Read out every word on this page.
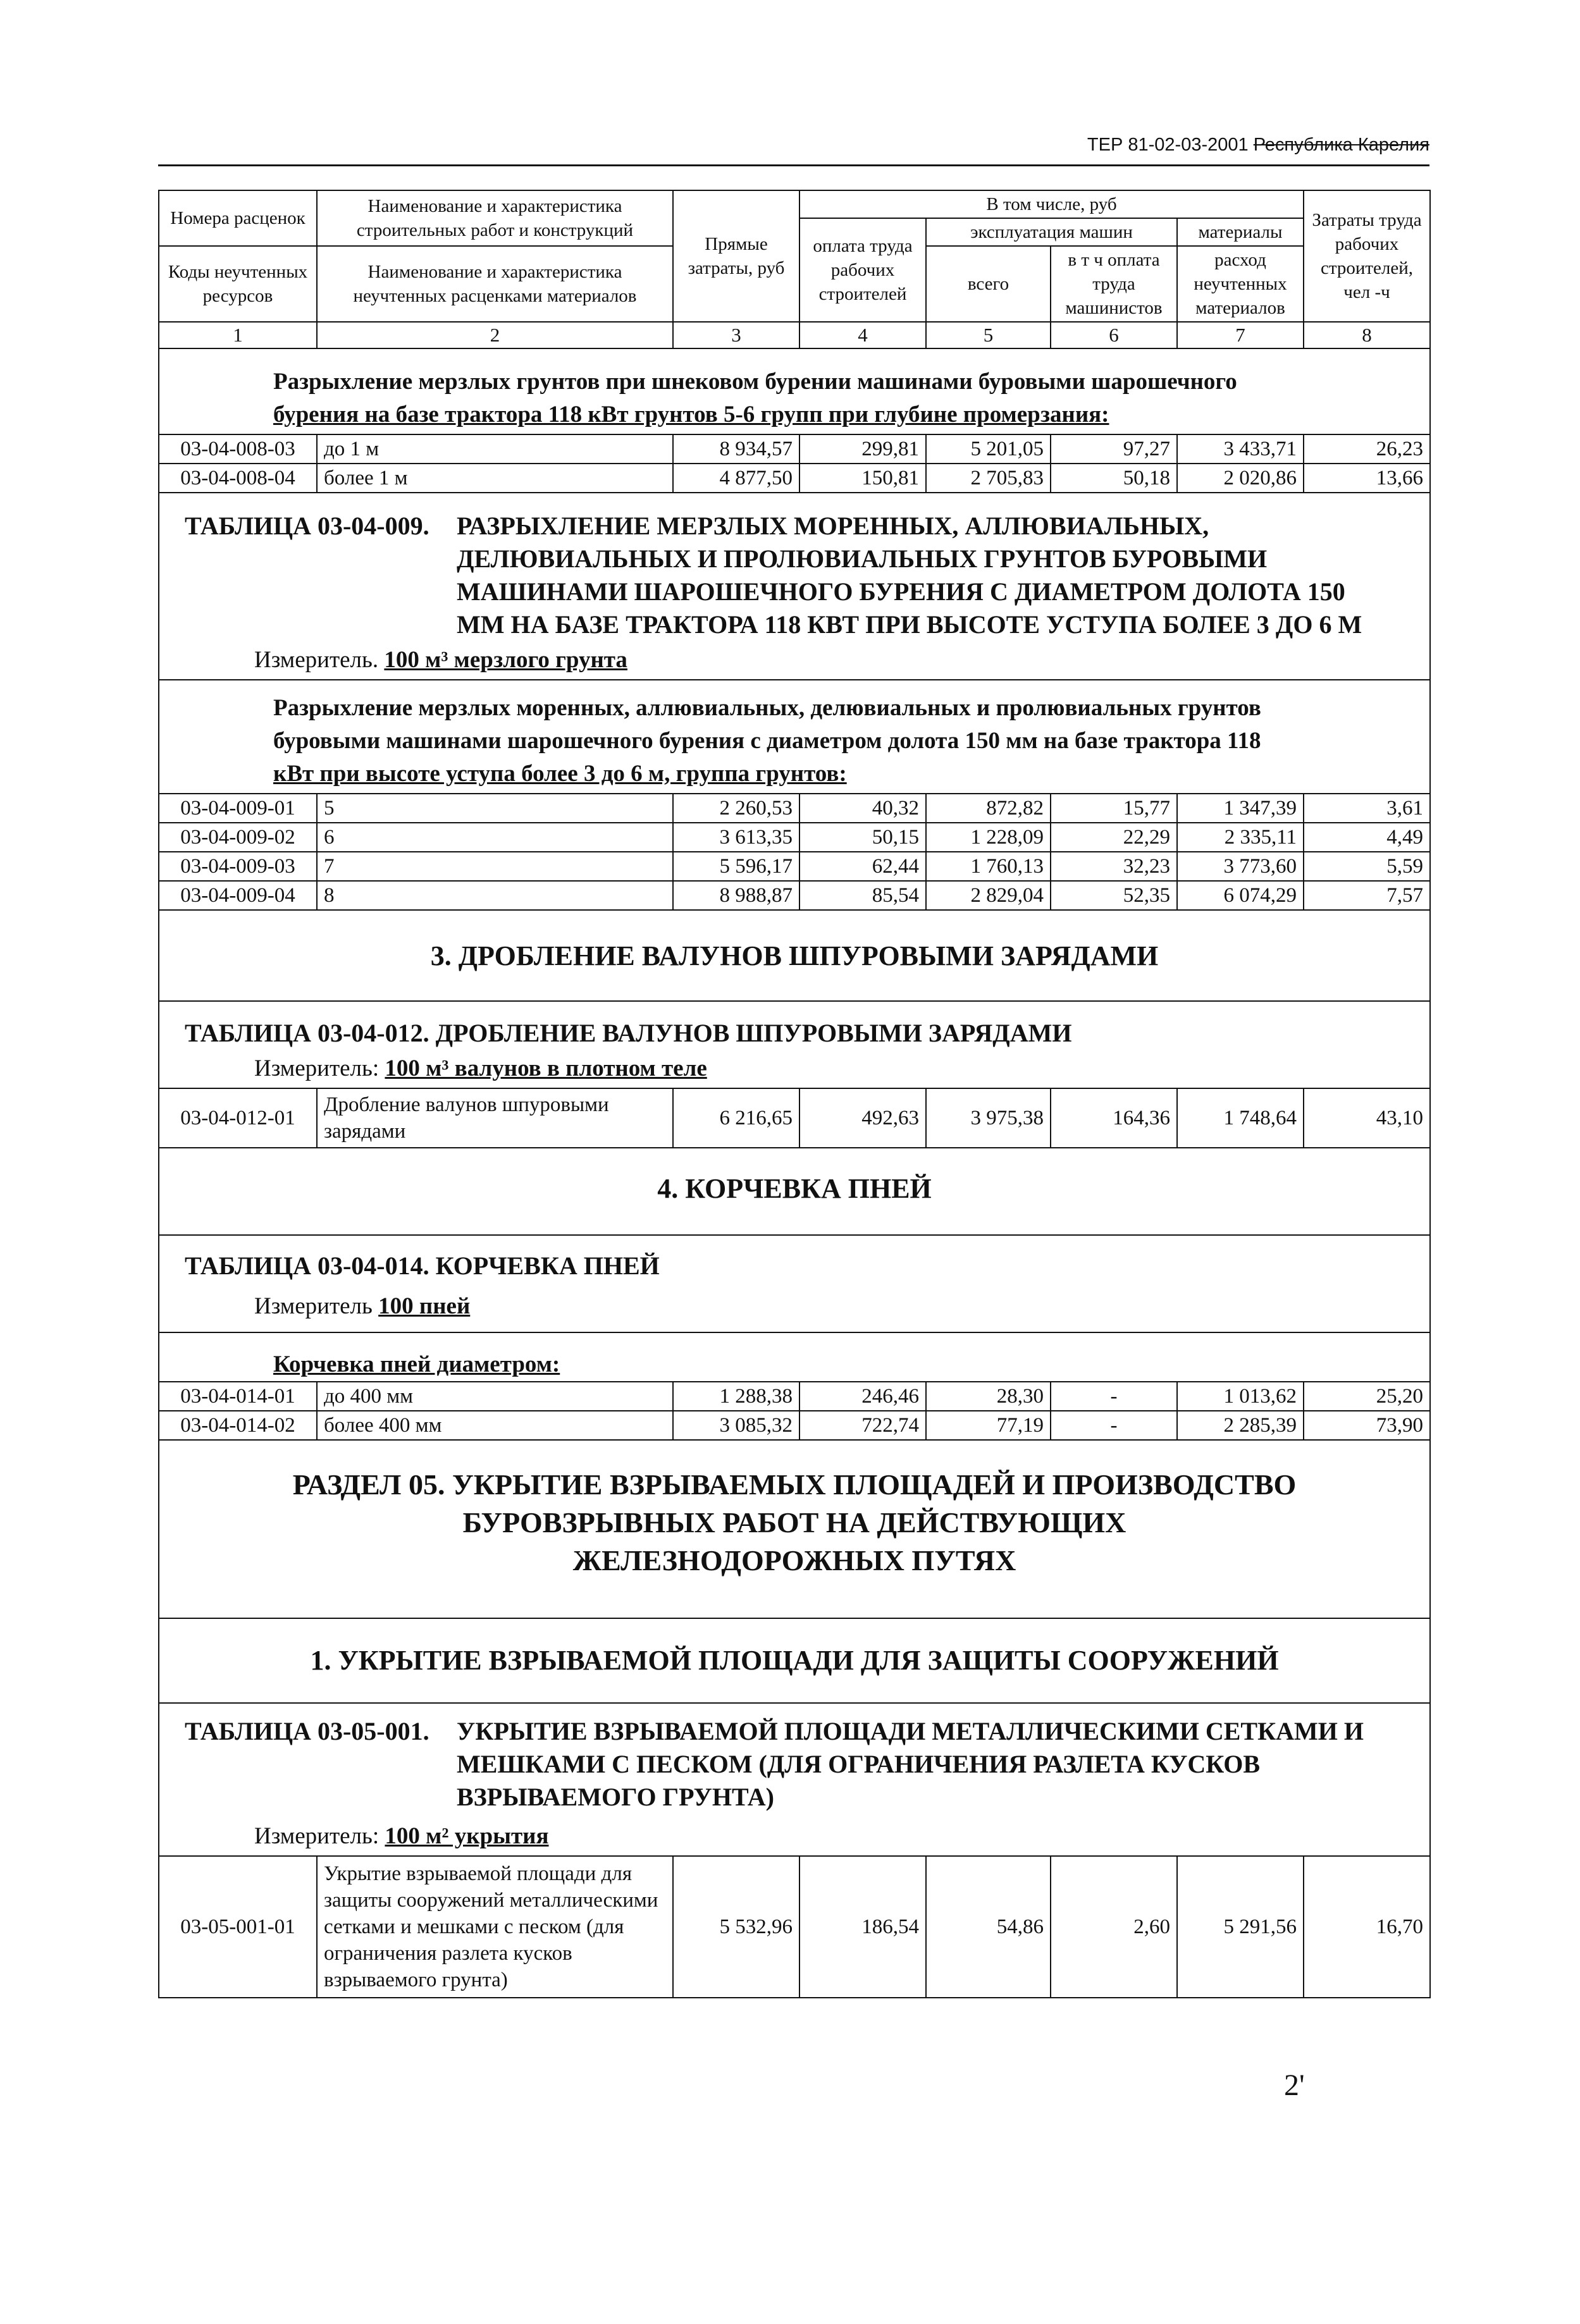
ТЕР 81-02-03-2001 Республика Карелия
Номера расценок	Наименование и характеристика строительных работ и конструкций	Прямые затраты, руб	В том числе, руб				Затраты труда рабочих строителей, чел -ч
			оплата труда рабочих строителей	эксплуатация машин		материалы	
Коды неучтенных ресурсов	Наименование и характеристика неучтенных расценками материалов			всего	в т ч оплата труда машинистов	расход неучтенных материалов	

1	2	3	4	5	6	7	8

Разрыхление мерзлых грунтов при шнековом бурении машинами буровыми шарошечного
бурения на базе трактора 118 кВт грунтов 5-6 групп при глубине промерзания:							

03-04-008-03	до 1 м	8 934,57	299,81	5 201,05	97,27	3 433,71	26,23
03-04-008-04	более 1 м	4 877,50	150,81	2 705,83	50,18	2 020,86	13,66

ТАБЛИЦА 03-04-009. РАЗРЫХЛЕНИЕ МЕРЗЛЫХ МОРЕННЫХ, АЛЛЮВИАЛЬНЫХ, ДЕЛЮВИАЛЬНЫХ И ПРОЛЮВИАЛЬНЫХ ГРУНТОВ БУРОВЫМИ МАШИНАМИ ШАРОШЕЧНОГО БУРЕНИЯ С ДИАМЕТРОМ ДОЛОТА 150 ММ НА БАЗЕ ТРАКТОРА 118 КВТ ПРИ ВЫСОТЕ УСТУПА БОЛЕЕ 3 ДО 6 М
Измеритель. 100 м³ мерзлого грунта							

Разрыхление мерзлых моренных, аллювиальных, делювиальных и пролювиальных грунтов
буровыми машинами шарошечного бурения с диаметром долота 150 мм на базе трактора 118
кВт при высоте уступа более 3 до 6 м, группа грунтов:							

03-04-009-01	5	2 260,53	40,32	872,82	15,77	1 347,39	3,61
03-04-009-02	6	3 613,35	50,15	1 228,09	22,29	2 335,11	4,49
03-04-009-03	7	5 596,17	62,44	1 760,13	32,23	3 773,60	5,59
03-04-009-04	8	8 988,87	85,54	2 829,04	52,35	6 074,29	7,57

3. ДРОБЛЕНИЕ ВАЛУНОВ ШПУРОВЫМИ ЗАРЯДАМИ							

ТАБЛИЦА 03-04-012. ДРОБЛЕНИЕ ВАЛУНОВ ШПУРОВЫМИ ЗАРЯДАМИ
Измеритель: 100 м³ валунов в плотном теле							

03-04-012-01	Дробление валунов шпуровыми зарядами	6 216,65	492,63	3 975,38	164,36	1 748,64	43,10

4. КОРЧЕВКА ПНЕЙ							

ТАБЛИЦА 03-04-014. КОРЧЕВКА ПНЕЙ
Измеритель 100 пней							

Корчевка пней диаметром:							

03-04-014-01	до 400 мм	1 288,38	246,46	28,30	-	1 013,62	25,20
03-04-014-02	более 400 мм	3 085,32	722,74	77,19	-	2 285,39	73,90

РАЗДЕЛ 05. УКРЫТИЕ ВЗРЫВАЕМЫХ ПЛОЩАДЕЙ И ПРОИЗВОДСТВО
БУРОВЗРЫВНЫХ РАБОТ НА ДЕЙСТВУЮЩИХ
ЖЕЛЕЗНОДОРОЖНЫХ ПУТЯХ							

1. УКРЫТИЕ ВЗРЫВАЕМОЙ ПЛОЩАДИ ДЛЯ ЗАЩИТЫ СООРУЖЕНИЙ							

ТАБЛИЦА 03-05-001. УКРЫТИЕ ВЗРЫВАЕМОЙ ПЛОЩАДИ МЕТАЛЛИЧЕСКИМИ СЕТКАМИ И МЕШКАМИ С ПЕСКОМ (ДЛЯ ОГРАНИЧЕНИЯ РАЗЛЕТА КУСКОВ ВЗРЫВАЕМОГО ГРУНТА)
Измеритель: 100 м² укрытия							

03-05-001-01	Укрытие взрываемой площади для защиты сооружений металлическими сетками и мешками с песком (для ограничения разлета кусков взрываемого грунта)	5 532,96	186,54	54,86	2,60	5 291,56	16,70
2'
